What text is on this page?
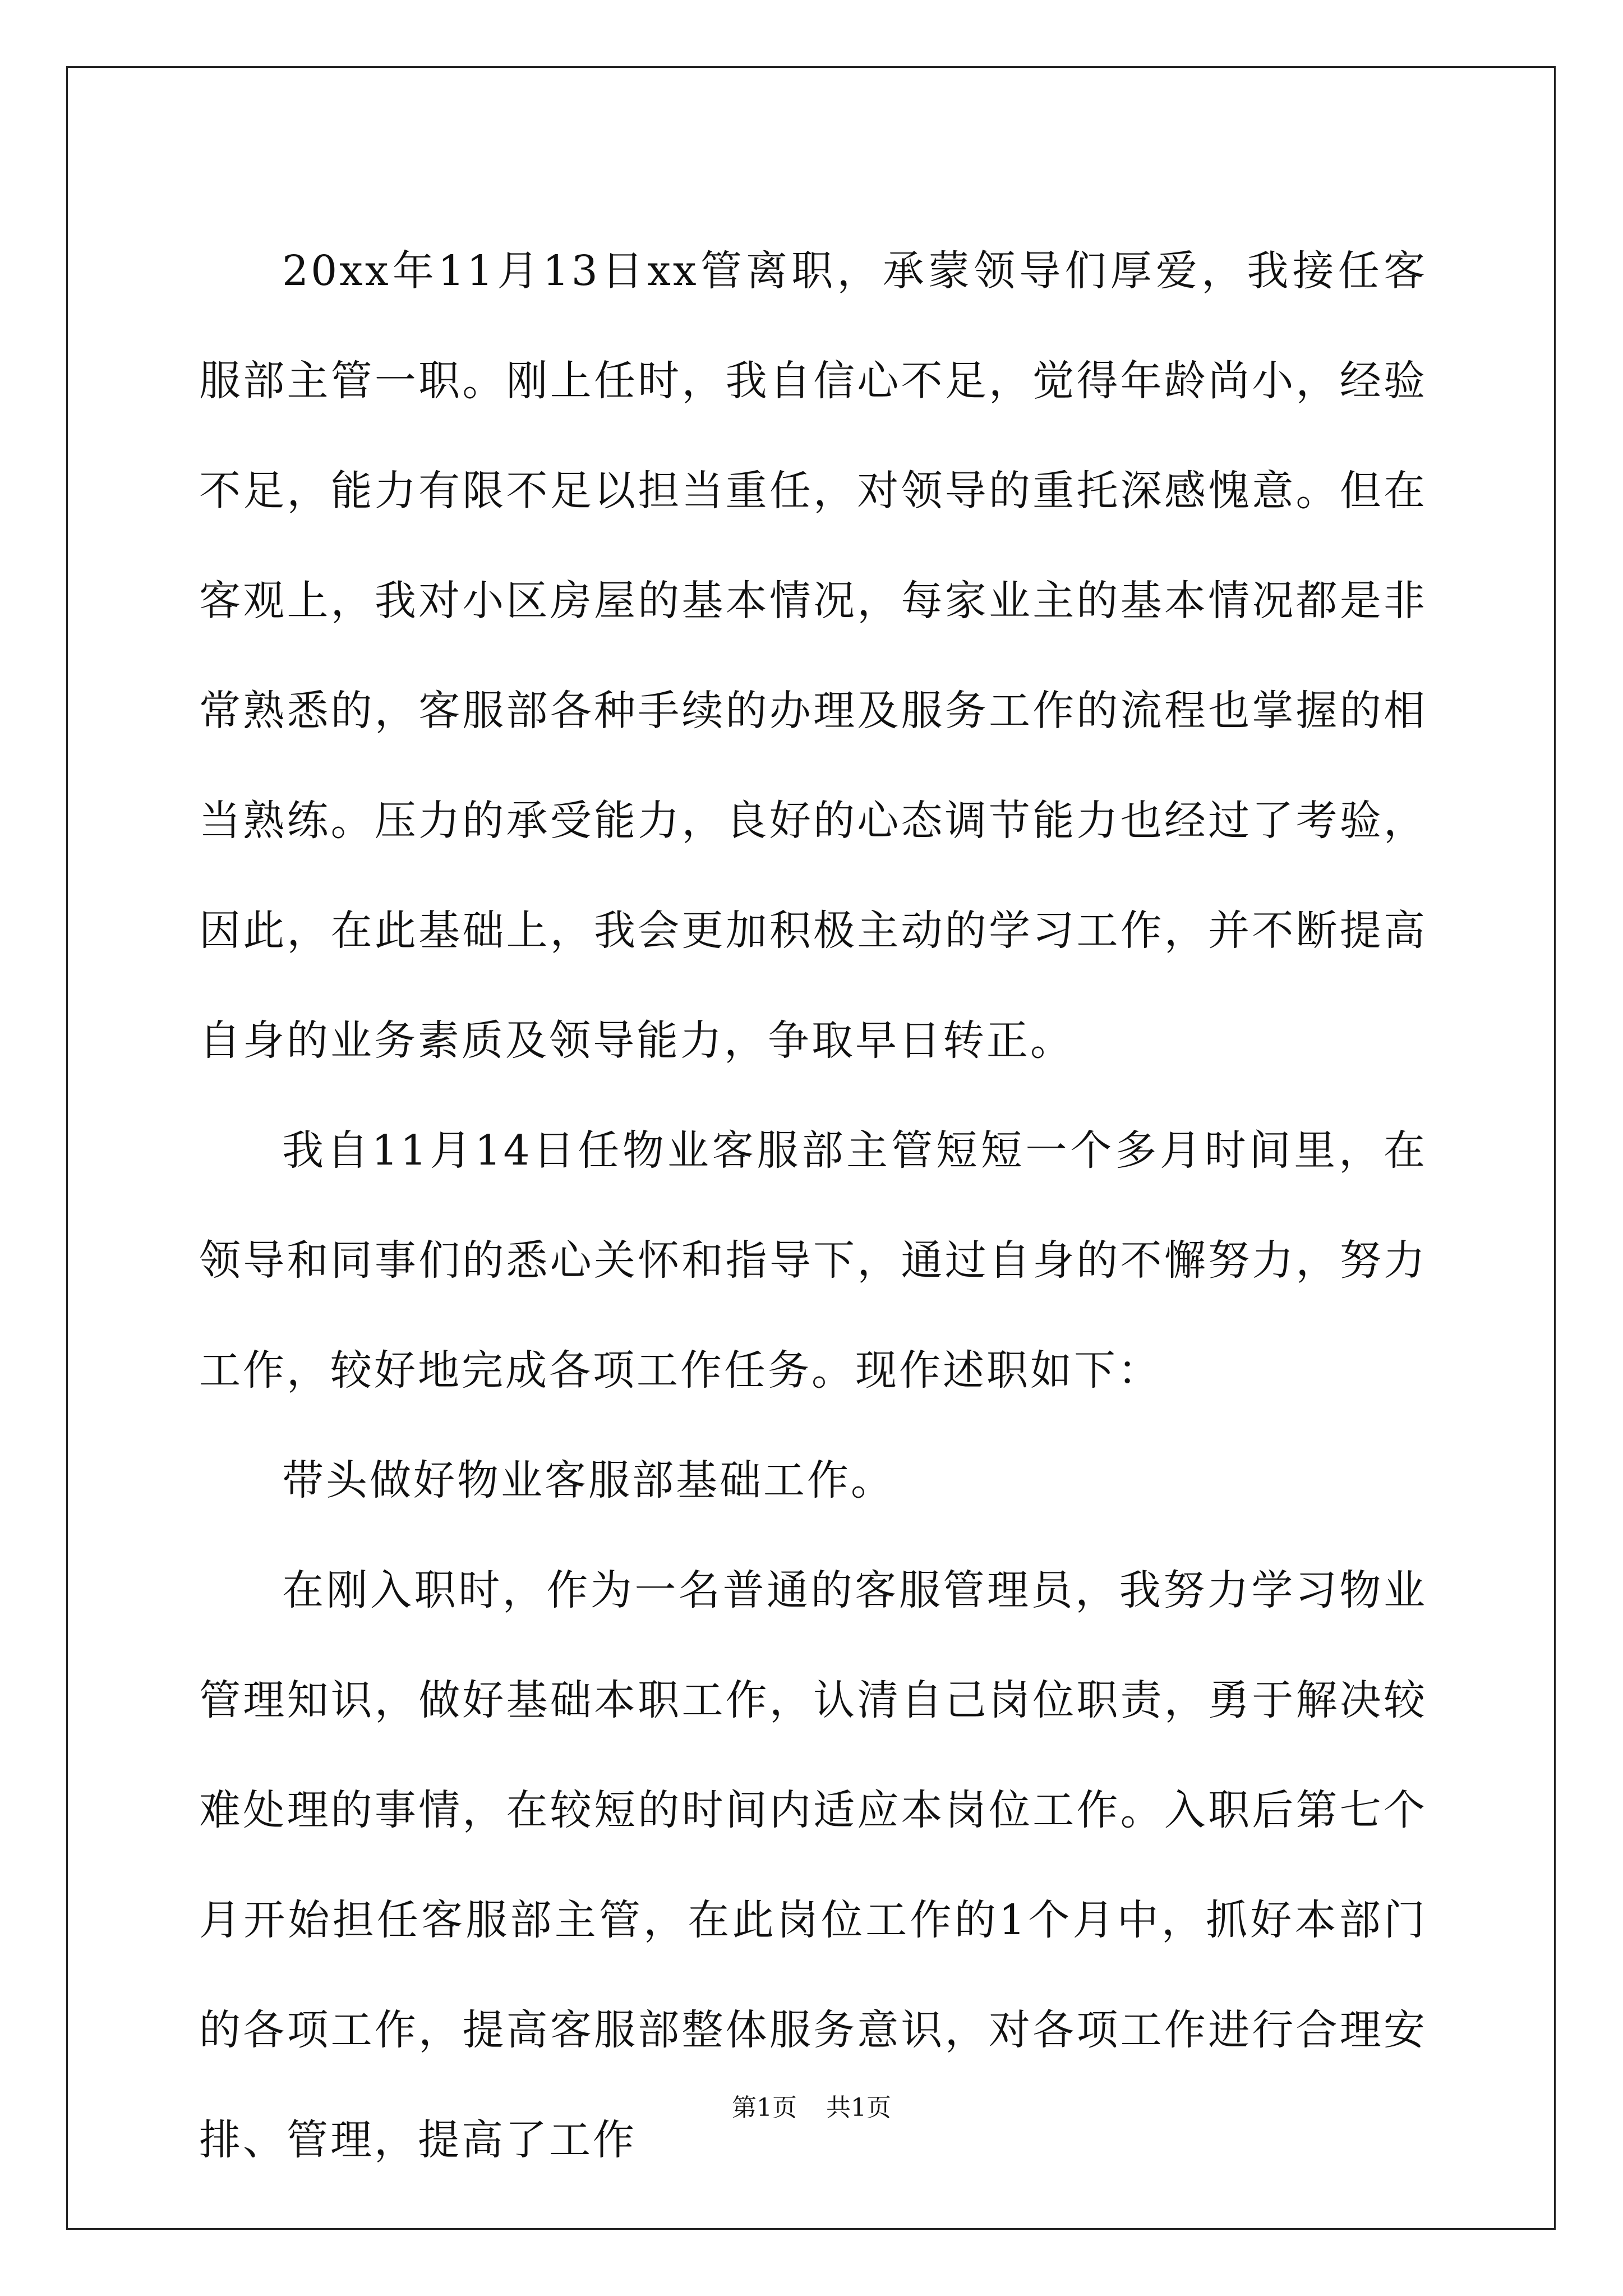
20xx年11月13日xx管离职，承蒙领导们厚爱，我接任客服部主管一职。刚上任时，我自信心不足，觉得年龄尚小，经验不足，能力有限不足以担当重任，对领导的重托深感愧意。但在客观上，我对小区房屋的基本情况，每家业主的基本情况都是非常熟悉的，客服部各种手续的办理及服务工作的流程也掌握的相当熟练。压力的承受能力，良好的心态调节能力也经过了考验，因此，在此基础上，我会更加积极主动的学习工作，并不断提高自身的业务素质及领导能力，争取早日转正。

我自11月14日任物业客服部主管短短一个多月时间里，在领导和同事们的悉心关怀和指导下，通过自身的不懈努力，努力工作，较好地完成各项工作任务。现作述职如下：

带头做好物业客服部基础工作。

在刚入职时，作为一名普通的客服管理员，我努力学习物业管理知识，做好基础本职工作，认清自己岗位职责，勇于解决较难处理的事情，在较短的时间内适应本岗位工作。入职后第七个月开始担任客服部主管，在此岗位工作的1个月中，抓好本部门的各项工作，提高客服部整体服务意识，对各项工作进行合理安排、管理，提高了工作

第1页 共1页
